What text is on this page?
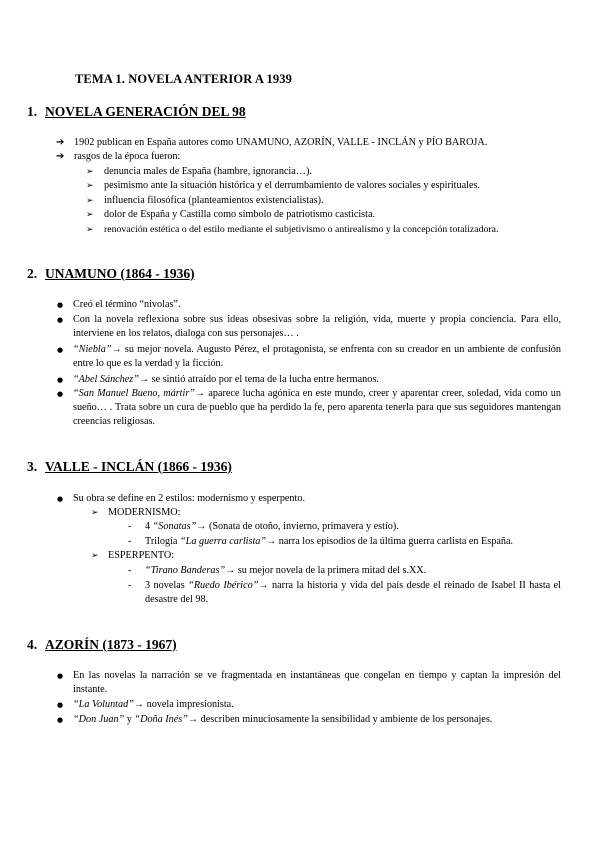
TEMA 1. NOVELA ANTERIOR A 1939
1. NOVELA GENERACIÓN DEL 98
➔ 1902 publican en España autores como UNAMUNO, AZORÍN, VALLE - INCLÁN y PÍO BAROJA.
➔ rasgos de la época fueron:
➢ denuncia males de España (hambre, ignorancia…).
➢ pesimismo ante la situación histórica y el derrumbamiento de valores sociales y espirituales.
➢ influencia filosófica (planteamientos existencialistas).
➢ dolor de España y Castilla como símbolo de patriotismo casticista.
➢ renovación estética o del estilo mediante el subjetivismo o antirealismo y la concepción totalizadora.
2. UNAMUNO (1864 - 1936)
● Creó el término “nivolas”.
● Con la novela reflexiona sobre sus ideas obsesivas sobre la religión, vida, muerte y propia conciencia. Para ello, interviene en los relatos, dialoga con sus personajes… .
● “Niebla”→ su mejor novela. Augusto Pérez, el protagonista, se enfrenta con su creador en un ambiente de confusión entre lo que es la verdad y la ficción.
● “Abel Sánchez”→ se sintió atraído por el tema de la lucha entre hermanos.
● “San Manuel Bueno, mártir”→ aparece lucha agónica en este mundo, creer y aparentar creer, soledad, vida como un sueño… . Trata sobre un cura de pueblo que ha perdido la fe, pero aparenta tenerla para que sus seguidores mantengan creencias religiosas.
3. VALLE - INCLÁN (1866 - 1936)
● Su obra se define en 2 estilos: modernismo y esperpento.
➢ MODERNISMO:
- 4 “Sonatas”→ (Sonata de otoño, invierno, primavera y estío).
- Trilogía “La guerra carlista”→ narra los episodios de la última guerra carlista en España.
➢ ESPERPENTO:
- “Tirano Banderas”→ su mejor novela de la primera mitad del s.XX.
- 3 novelas “Ruedo Ibérico”→ narra la historia y vida del país desde el reinado de Isabel II hasta el desastre del 98.
4. AZORÍN (1873 - 1967)
● En las novelas la narración se ve fragmentada en instantáneas que congelan en tiempo y captan la impresión del instante.
● “La Voluntad”→ novela impresionista.
● “Don Juan” y “Doña Inés”→ describen minuciosamente la sensibilidad y ambiente de los personajes.
